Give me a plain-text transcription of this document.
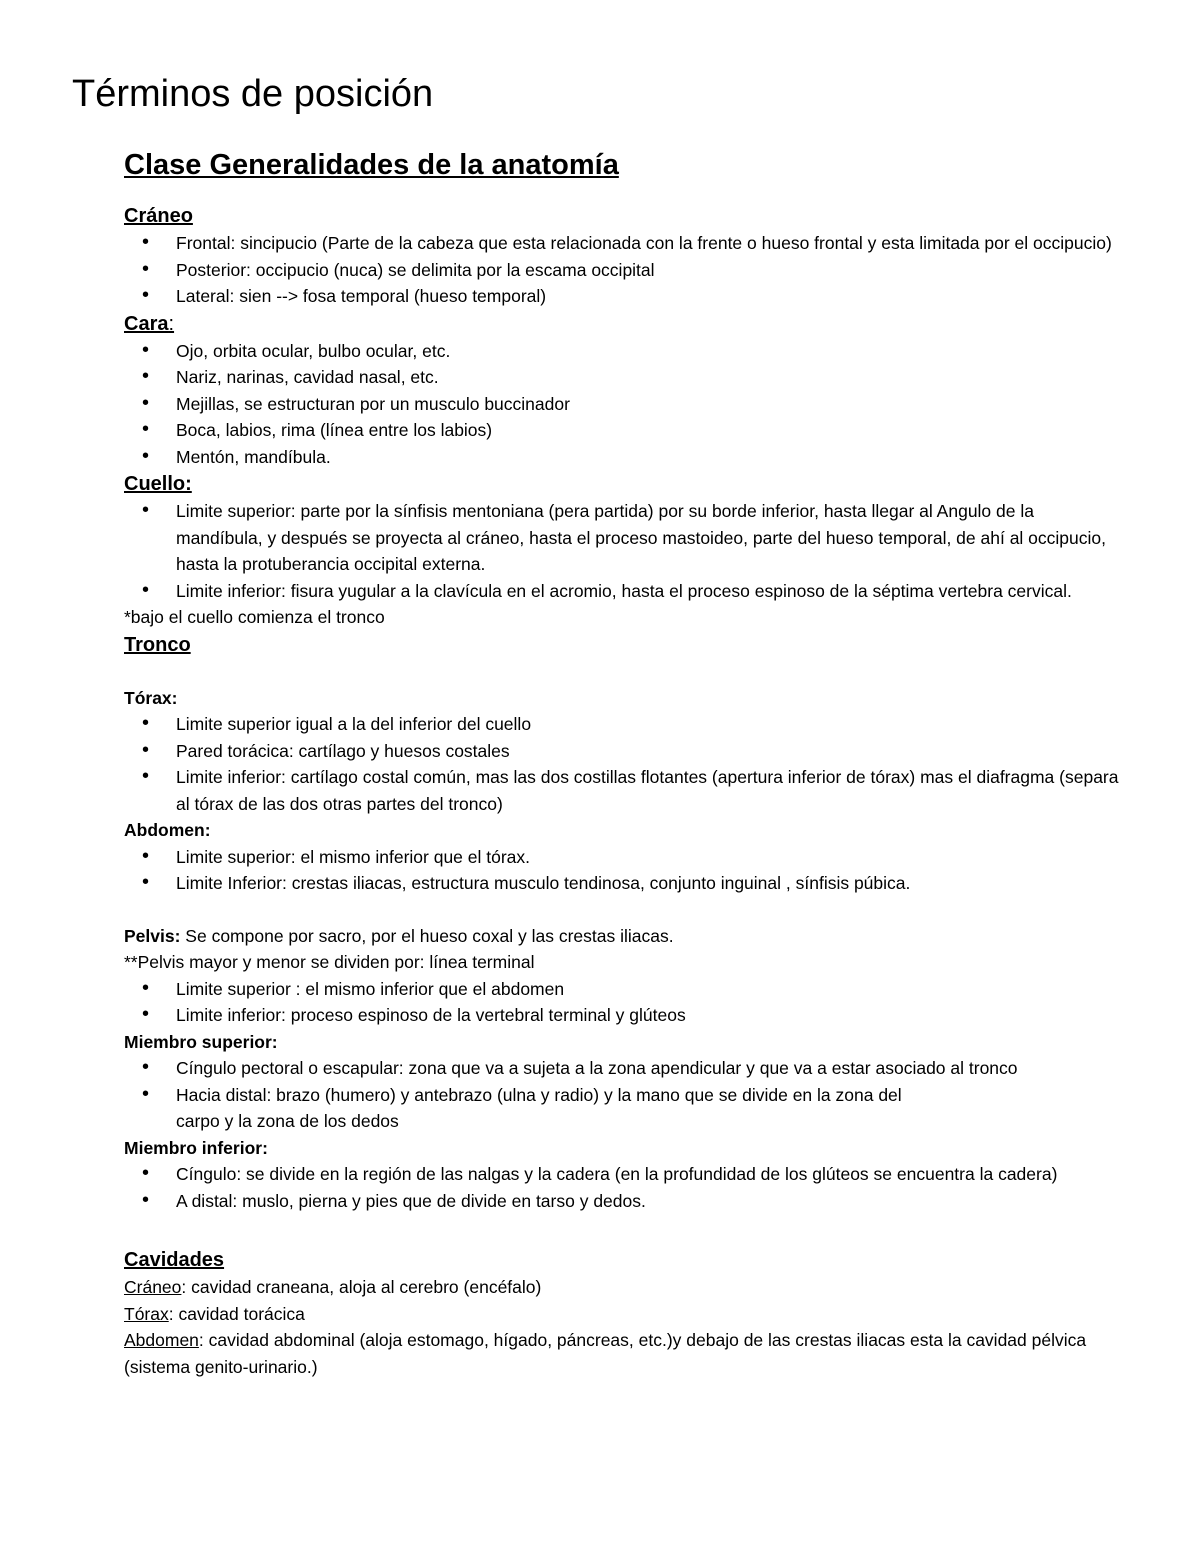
Términos de posición
Clase Generalidades de la anatomía
Cráneo
• Frontal: sincipucio (Parte de la cabeza que esta relacionada con la frente o hueso frontal y esta limitada por el occipucio)
• Posterior: occipucio (nuca) se delimita por la escama occipital
• Lateral: sien --> fosa temporal (hueso temporal)
Cara:
• Ojo, orbita ocular, bulbo ocular, etc.
• Nariz, narinas, cavidad nasal, etc.
• Mejillas, se estructuran por un musculo buccinador
• Boca, labios, rima (línea entre los labios)
• Mentón, mandíbula.
Cuello:
• Limite superior: parte por la sínfisis mentoniana (pera partida) por su borde inferior, hasta llegar al Angulo de la mandíbula, y después se proyecta al cráneo, hasta el proceso mastoideo, parte del hueso temporal, de ahí al occipucio, hasta la protuberancia occipital externa.
• Limite inferior: fisura yugular a la clavícula en el acromio, hasta el proceso espinoso de la séptima vertebra cervical.

*bajo el cuello comienza el tronco

Tronco

Tórax:

• Limite superior igual a la del inferior del cuello
• Pared torácica: cartílago y huesos costales
• Limite inferior: cartílago costal común, mas las dos costillas flotantes (apertura inferior de tórax) mas el diafragma (separa al tórax de las dos otras partes del tronco)

Abdomen:

• Limite superior: el mismo inferior que el tórax.
• Limite Inferior: crestas iliacas, estructura musculo tendinosa, conjunto inguinal , sínfisis púbica.

Pelvis: Se compone por sacro, por el hueso coxal y las crestas iliacas.

**Pelvis mayor y menor se dividen por: línea terminal

• Limite superior : el mismo inferior que el abdomen
• Limite inferior: proceso espinoso de la vertebral terminal y glúteos

Miembro superior:

• Cíngulo pectoral o escapular: zona que va a sujeta a la zona apendicular y que va a estar asociado al tronco
• Hacia distal: brazo (humero) y antebrazo (ulna y radio) y la mano que se divide en la zona del

carpo y la zona de los dedos

Miembro inferior:

• Cíngulo: se divide en la región de las nalgas y la cadera (en la profundidad de los glúteos se encuentra la cadera)
• A distal: muslo, pierna y pies que de divide en tarso y dedos.
Cavidades

Cráneo: cavidad craneana, aloja al cerebro (encéfalo)

Tórax: cavidad torácica

Abdomen: cavidad abdominal (aloja estomago, hígado, páncreas, etc.)y debajo de las crestas iliacas esta la cavidad pélvica (sistema genito-urinario.)
